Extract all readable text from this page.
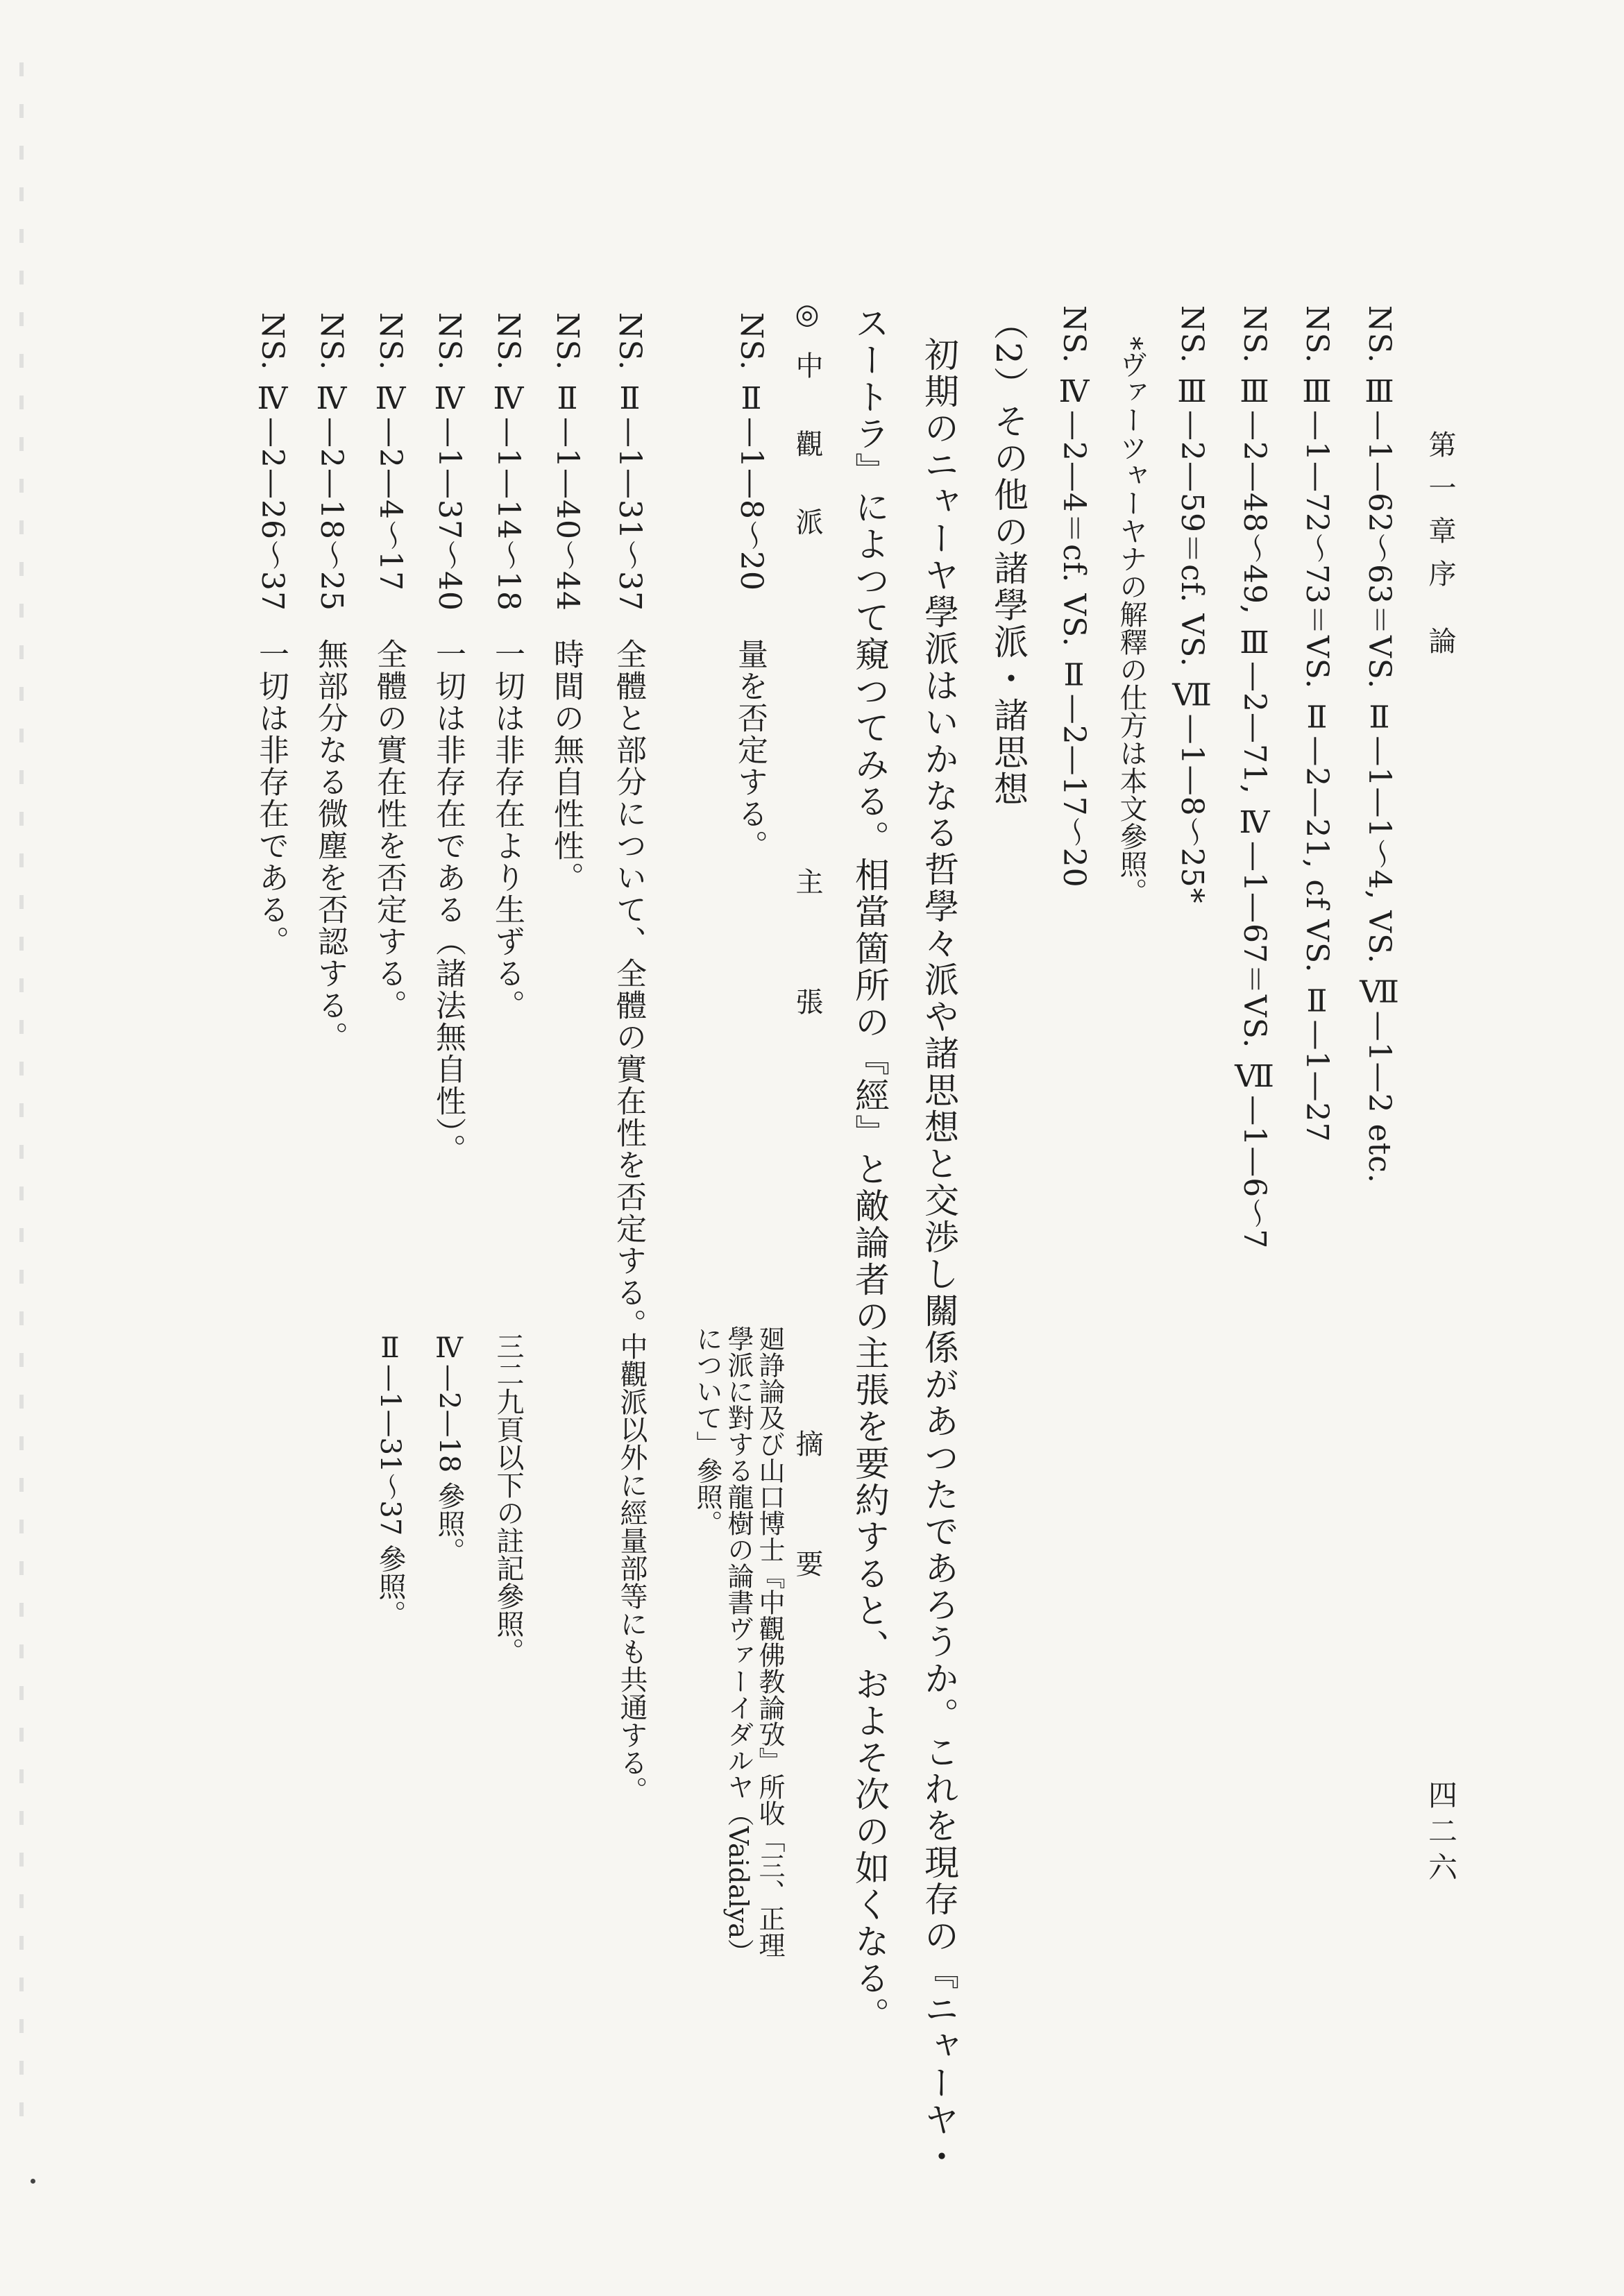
第一章序 論
四二六
NS. Ⅲ—1—62〜63＝VS. Ⅱ—1—1〜4, VS. Ⅶ—1—2 etc.
NS. Ⅲ—1—72〜73＝VS. Ⅱ—2—21, cf VS. Ⅱ—1—27
NS. Ⅲ—2—48〜49, Ⅲ—2—71, Ⅳ—1—67＝VS. Ⅶ—1—6〜7
NS. Ⅲ—2—59＝cf. VS. Ⅶ—1—8〜25*
*ヴァーツャーヤナの解釋の仕方は本文參照。
NS. Ⅳ—2—4＝cf. VS. Ⅱ—2—17〜20
（2）その他の諸學派・諸思想
初期のニャーヤ學派はいかなる哲學々派や諸思想と交渉し關係があつたであろうか。これを現存の『ニャーヤ・
スートラ』によつて窺つてみる。相當箇所の『經』と敵論者の主張を要約すると、およそ次の如くなる。
◎中 觀 派
主 張
摘 要
NS. Ⅱ—1—8〜20
NS. Ⅱ—1—31〜37
NS. Ⅱ—1—40〜44
NS. Ⅳ—1—14〜18
NS. Ⅳ—1—37〜40
NS. Ⅳ—2—4〜17
NS. Ⅳ—2—18〜25
NS. Ⅳ—2—26〜37
量を否定する。
全體と部分について、全體の實在性を否定する。
時間の無自性性。
一切は非存在より生ずる。
一切は非存在である（諸法無自性）。
全體の實在性を否定する。
無部分なる微塵を否認する。
一切は非存在である。
廻諍論及び山口博士『中觀佛教論攷』所收「三、正理
學派に對する龍樹の論書ヴァーイダルヤ（Vaidalya）
について」參照。
中觀派以外に經量部等にも共通する。
三二九頁以下の註記參照。
Ⅳ—2—18 參照。
Ⅱ—1—31〜37 參照。
